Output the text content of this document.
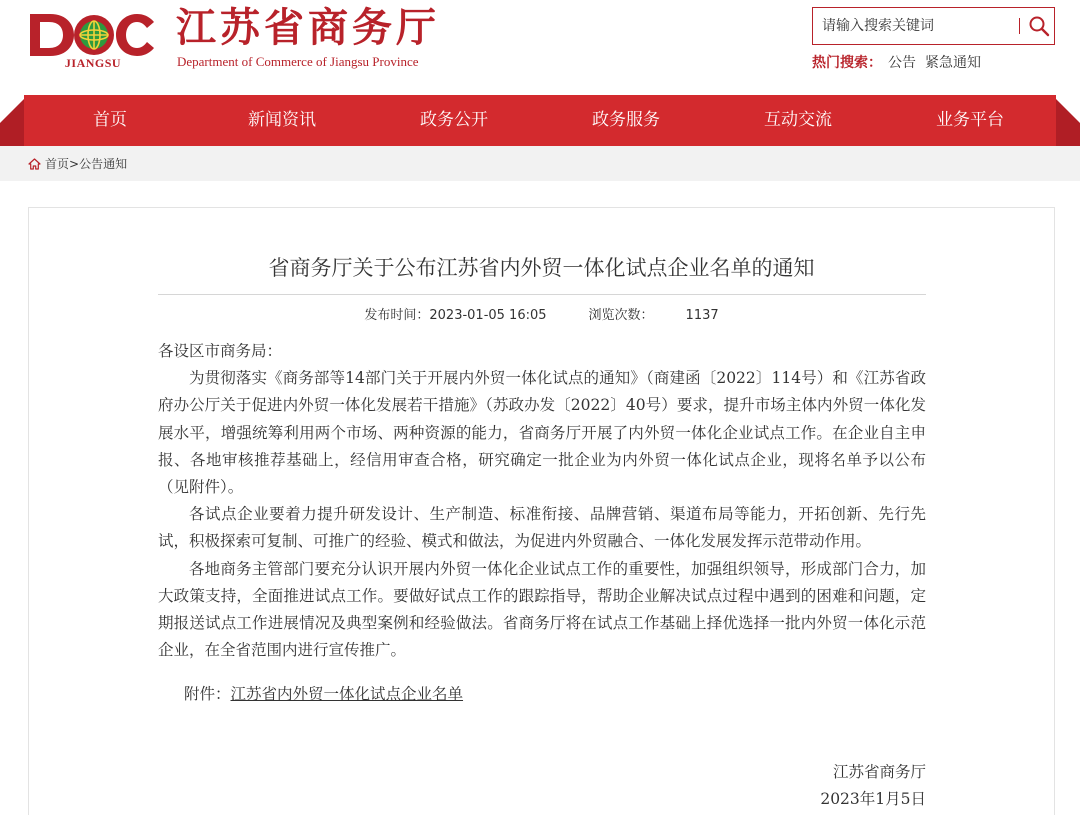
JIANGSU
江苏省商务厅
Department of Commerce of Jiangsu Province
请输入搜索关键词	热门搜索： 公告 紧急通知
首页	新闻资讯	政务公开	政务服务	互动交流	业务平台
首页 > 公告通知
省商务厅关于公布江苏省内外贸一体化试点企业名单的通知
发布时间：2023-01-05 16:05	浏览次数： 1137

各设区市商务局：

为贯彻落实《商务部等14部门关于开展内外贸一体化试点的通知》（商建函〔2022〕114号）和《江苏省政府办公厅关于促进内外贸一体化发展若干措施》（苏政办发〔2022〕40号）要求，提升市场主体内外贸一体化发展水平，增强统筹利用两个市场、两种资源的能力，省商务厅开展了内外贸一体化企业试点工作。在企业自主申报、各地审核推荐基础上，经信用审查合格，研究确定一批企业为内外贸一体化试点企业，现将名单予以公布（见附件）。

各试点企业要着力提升研发设计、生产制造、标准衔接、品牌营销、渠道布局等能力，开拓创新、先行先试，积极探索可复制、可推广的经验、模式和做法，为促进内外贸融合、一体化发展发挥示范带动作用。

各地商务主管部门要充分认识开展内外贸一体化企业试点工作的重要性，加强组织领导，形成部门合力，加大政策支持，全面推进试点工作。要做好试点工作的跟踪指导，帮助企业解决试点过程中遇到的困难和问题，定期报送试点工作进展情况及典型案例和经验做法。省商务厅将在试点工作基础上择优选择一批内外贸一体化示范企业，在全省范围内进行宣传推广。

附件：江苏省内外贸一体化试点企业名单
江苏省商务厅
2023年1月5日
